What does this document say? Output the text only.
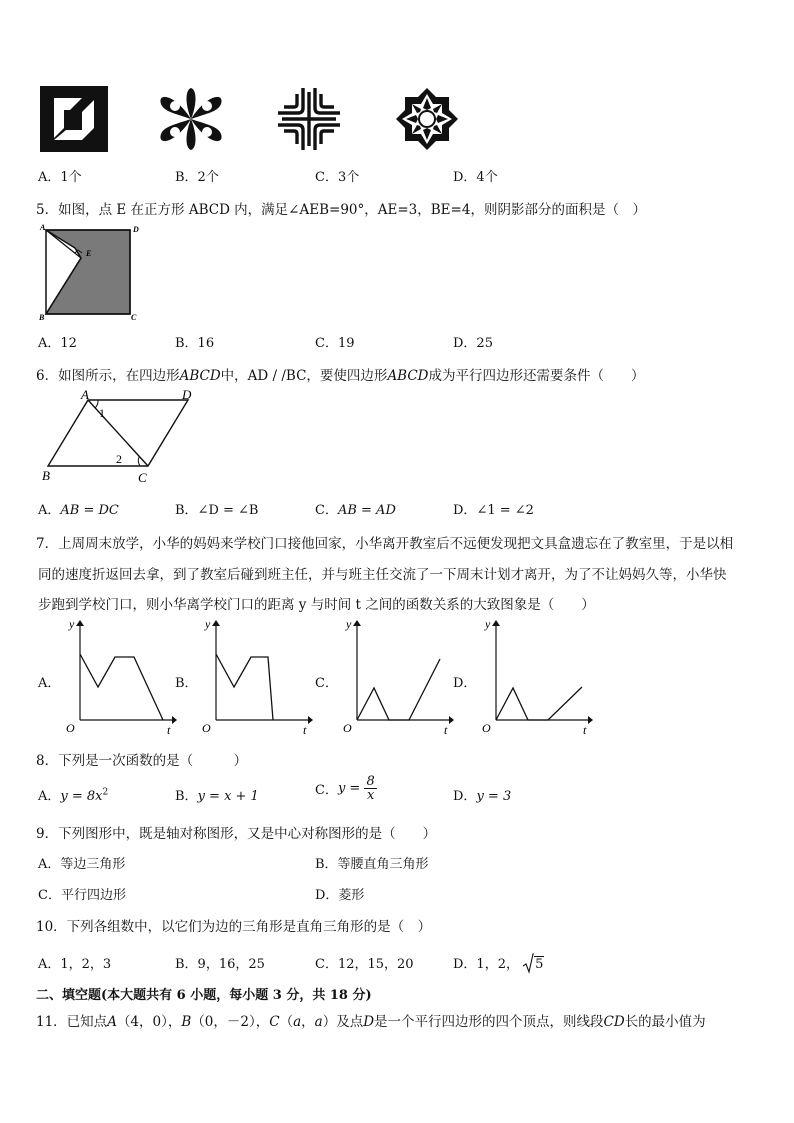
A．1个	B．2个	C．3个	D．4个
5．如图，点 E 在正方形 ABCD 内，满足∠AEB=90°，AE=3，BE=4，则阴影部分的面积是（　）
A	D
B	C
E
A．12	B．16	C．19	D．25
6．如图所示，在四边形ABCD中，AD / /BC，要使四边形ABCD成为平行四边形还需要条件（　　）
A	D
B	C
1
2
A．AB = DC	B．∠D = ∠B	C．AB = AD	D．∠1 = ∠2
7．上周周末放学，小华的妈妈来学校门口接他回家，小华离开教室后不远便发现把文具盒遗忘在了教室里，于是以相
同的速度折返回去拿，到了教室后碰到班主任，并与班主任交流了一下周末计划才离开，为了不让妈妈久等，小华快
步跑到学校门口，则小华离学校门口的距离 y 与时间 t 之间的函数关系的大致图象是（　　）
A．	B．	C．	D．
y
t
O
y
t
O
y
t
O
y
t
O
8．下列是一次函数的是（　　　）
A．$y = 8x^2$	B．y = x + 1	C．$y = \frac{8}{x}$	D．y = 3
9．下列图形中，既是轴对称图形，又是中心对称图形的是（　　）
A．等边三角形	B．等腰直角三角形
C．平行四边形	D．菱形
10．下列各组数中，以它们为边的三角形是直角三角形的是（　）
A．1，2，3	B．9，16，25	C．12，15，20	D．1，2， 5
二、填空题(本大题共有 6 小题，每小题 3 分，共 18 分)
11．已知点A（4，0），B（0，－2），C（a，a）及点D是一个平行四边形的四个顶点，则线段CD长的最小值为
